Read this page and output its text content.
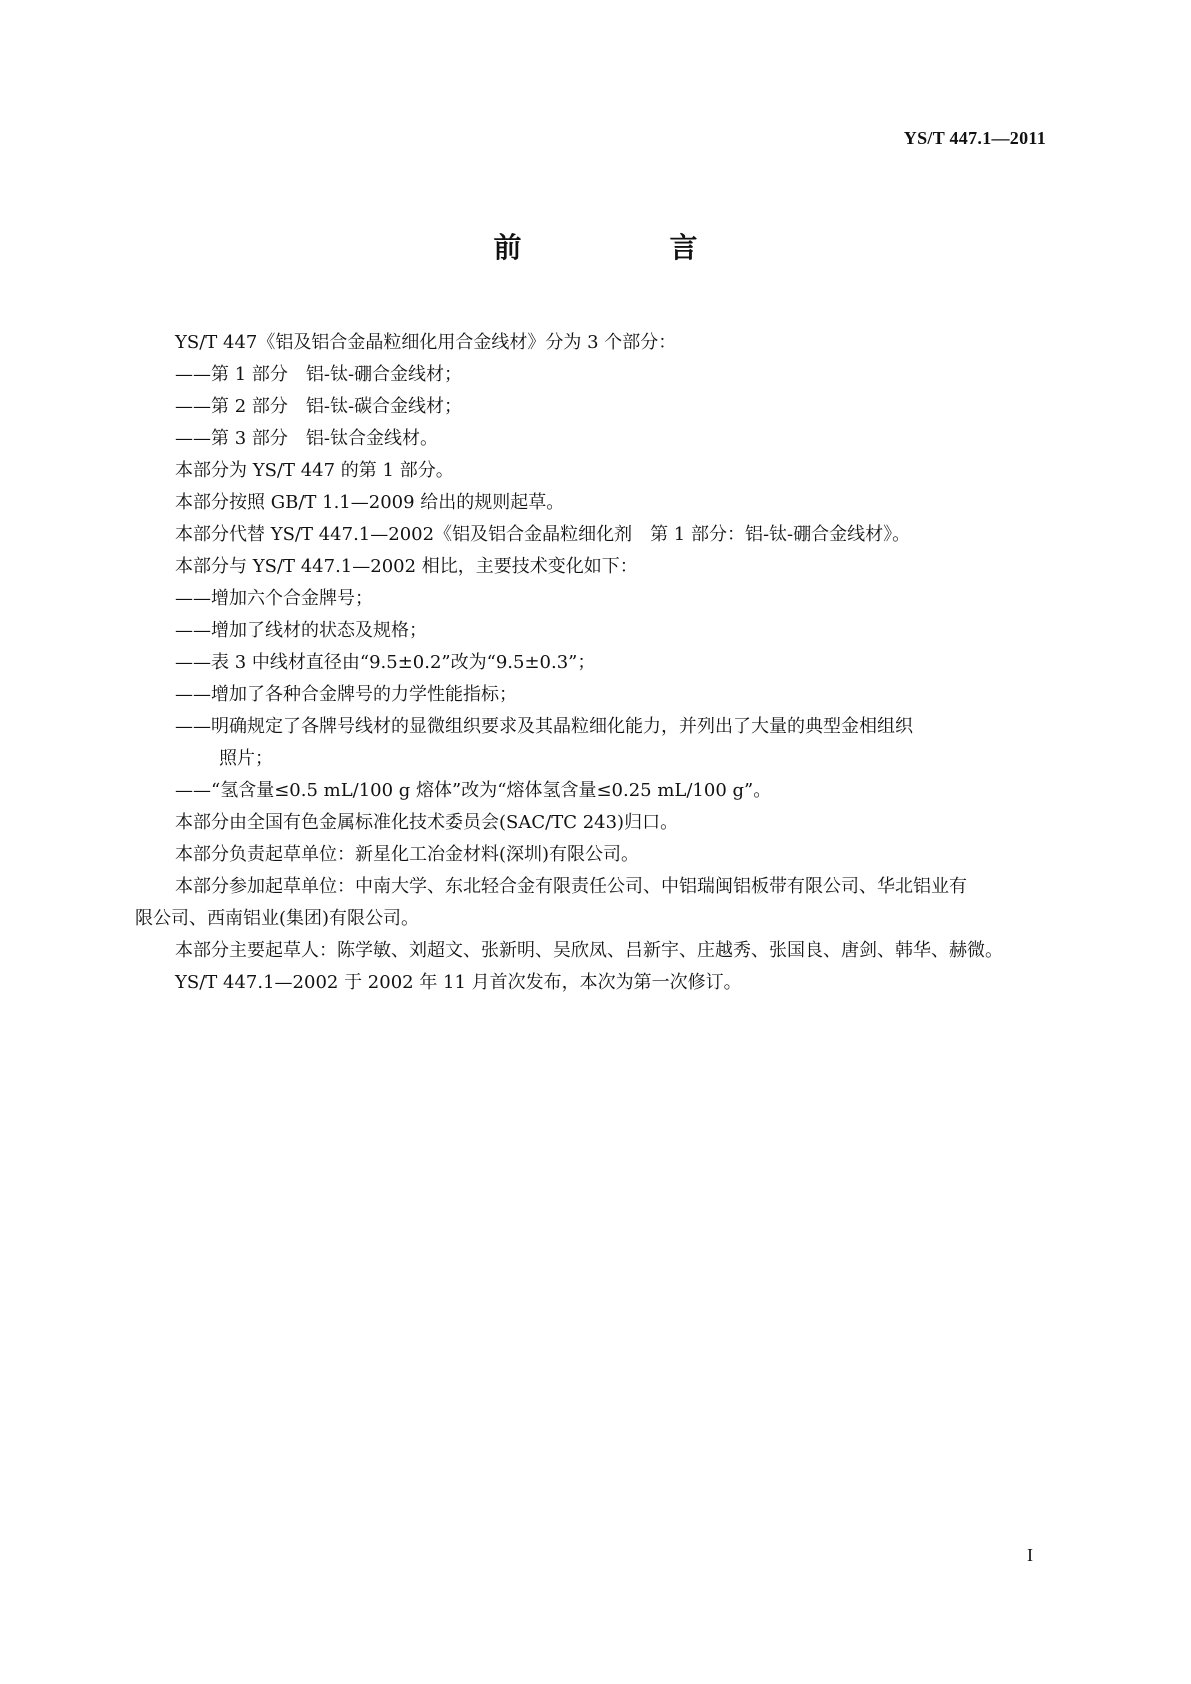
YS/T 447.1—2011
前　言

YS/T 447《铝及铝合金晶粒细化用合金线材》分为 3 个部分：

——第 1 部分　铝-钛-硼合金线材；

——第 2 部分　铝-钛-碳合金线材；

——第 3 部分　铝-钛合金线材。

本部分为 YS/T 447 的第 1 部分。

本部分按照 GB/T 1.1—2009 给出的规则起草。

本部分代替 YS/T 447.1—2002《铝及铝合金晶粒细化剂　第 1 部分：铝-钛-硼合金线材》。

本部分与 YS/T 447.1—2002 相比，主要技术变化如下：

——增加六个合金牌号；

——增加了线材的状态及规格；

——表 3 中线材直径由“9.5±0.2”改为“9.5±0.3”；

——增加了各种合金牌号的力学性能指标；

——明确规定了各牌号线材的显微组织要求及其晶粒细化能力，并列出了大量的典型金相组织

照片；

——“氢含量≤0.5 mL/100 g 熔体”改为“熔体氢含量≤0.25 mL/100 g”。

本部分由全国有色金属标准化技术委员会(SAC/TC 243)归口。

本部分负责起草单位：新星化工冶金材料(深圳)有限公司。

本部分参加起草单位：中南大学、东北轻合金有限责任公司、中铝瑞闽铝板带有限公司、华北铝业有

限公司、西南铝业(集团)有限公司。

本部分主要起草人：陈学敏、刘超文、张新明、吴欣凤、吕新宇、庄越秀、张国良、唐剑、韩华、赫微。

YS/T 447.1—2002 于 2002 年 11 月首次发布，本次为第一次修订。

I
